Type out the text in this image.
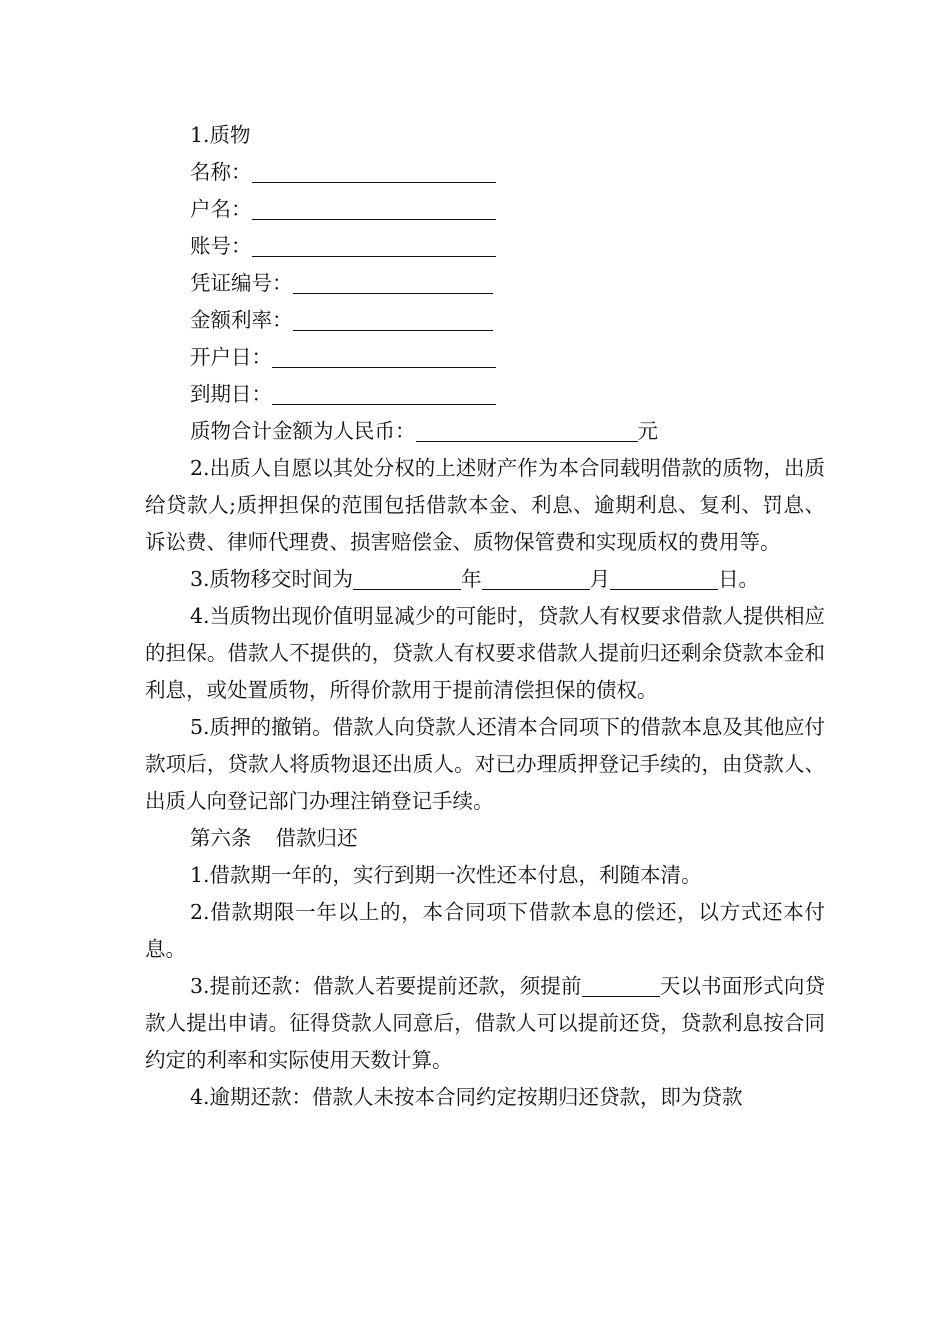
1.质物
名称：
户名：
账号：
凭证编号：
金额利率：
开户日：
到期日：
质物合计金额为人民币：	元

2.出质人自愿以其处分权的上述财产作为本合同载明借款的质物，出质给贷款人;质押担保的范围包括借款本金、利息、逾期利息、复利、罚息、诉讼费、律师代理费、损害赔偿金、质物保管费和实现质权的费用等。

3.质物移交时间为	年	月	日。

4.当质物出现价值明显减少的可能时，贷款人有权要求借款人提供相应的担保。借款人不提供的，贷款人有权要求借款人提前归还剩余贷款本金和利息，或处置质物，所得价款用于提前清偿担保的债权。

5.质押的撤销。借款人向贷款人还清本合同项下的借款本息及其他应付款项后，贷款人将质物退还出质人。对已办理质押登记手续的，由贷款人、出质人向登记部门办理注销登记手续。

第六条 借款归还

1.借款期一年的，实行到期一次性还本付息，利随本清。

2.借款期限一年以上的，本合同项下借款本息的偿还，以方式还本付息。

3.提前还款：借款人若要提前还款，须提前	天以书面形式向贷款人提出申请。征得贷款人同意后，借款人可以提前还贷，贷款利息按合同约定的利率和实际使用天数计算。

4.逾期还款：借款人未按本合同约定按期归还贷款，即为贷款
